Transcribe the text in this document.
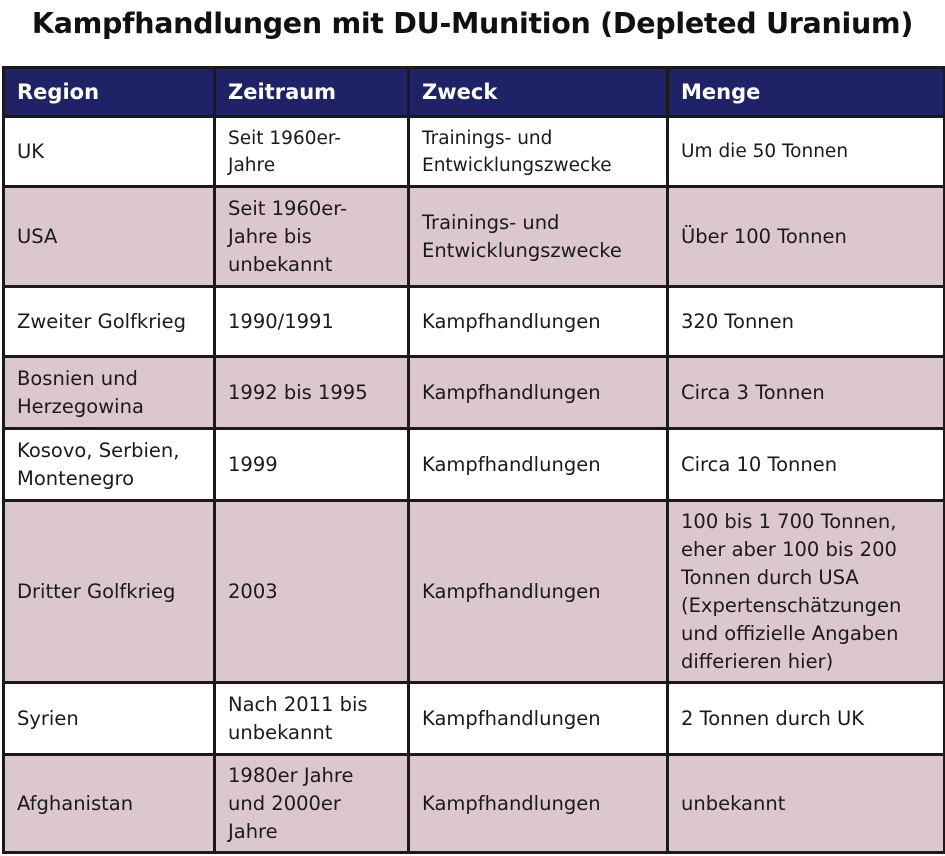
Kampfhandlungen mit DU-Munition (Depleted Uranium)
Region	Zeitraum	Zweck	Menge
UK	Seit 1960er-Jahre	Trainings- und Entwicklungszwecke	Um die 50 Tonnen
USA	Seit 1960er-Jahre bis unbekannt	Trainings- und Entwicklungszwecke	Über 100 Tonnen
Zweiter Golfkrieg	1990/1991	Kampfhandlungen	320 Tonnen
Bosnien und Herzegowina	1992 bis 1995	Kampfhandlungen	Circa 3 Tonnen
Kosovo, Serbien, Montenegro	1999	Kampfhandlungen	Circa 10 Tonnen
Dritter Golfkrieg	2003	Kampfhandlungen	100 bis 1 700 Tonnen, eher aber 100 bis 200 Tonnen durch USA (Expertenschätzungen und offizielle Angaben differieren hier)
Syrien	Nach 2011 bis unbekannt	Kampfhandlungen	2 Tonnen durch UK
Afghanistan	1980er Jahre und 2000er Jahre	Kampfhandlungen	unbekannt
